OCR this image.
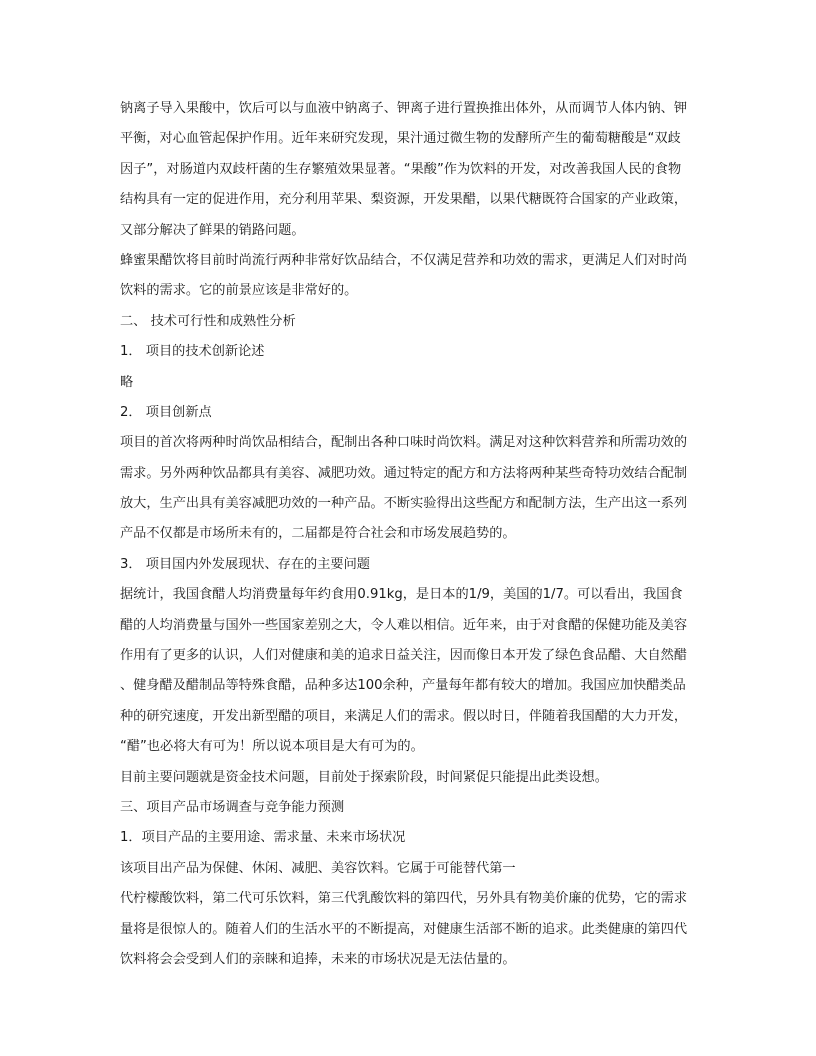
钠离子导入果酸中，饮后可以与血液中钠离子、钾离子进行置换推出体外，从而调节人体内钠、钾
平衡，对心血管起保护作用。近年来研究发现，果汁通过微生物的发酵所产生的葡萄糖酸是“双歧
因子”，对肠道内双歧杆菌的生存繁殖效果显著。“果酸”作为饮料的开发，对改善我国人民的食物
结构具有一定的促进作用，充分利用苹果、梨资源，开发果醋，以果代糖既符合国家的产业政策，
又部分解决了鲜果的销路问题。
蜂蜜果醋饮将目前时尚流行两种非常好饮品结合，不仅满足营养和功效的需求，更满足人们对时尚
饮料的需求。它的前景应该是非常好的。
二、 技术可行性和成熟性分析
1． 项目的技术创新论述
略
2． 项目创新点
项目的首次将两种时尚饮品相结合，配制出各种口味时尚饮料。满足对这种饮料营养和所需功效的
需求。另外两种饮品都具有美容、减肥功效。通过特定的配方和方法将两种某些奇特功效结合配制
放大，生产出具有美容减肥功效的一种产品。不断实验得出这些配方和配制方法，生产出这一系列
产品不仅都是市场所未有的，二届都是符合社会和市场发展趋势的。
3． 项目国内外发展现状、存在的主要问题
据统计，我国食醋人均消费量每年约食用0.91kg，是日本的1/9，美国的1/7。可以看出，我国食
醋的人均消费量与国外一些国家差别之大，令人难以相信。近年来，由于对食醋的保健功能及美容
作用有了更多的认识，人们对健康和美的追求日益关注，因而像日本开发了绿色食品醋、大自然醋
、健身醋及醋制品等特殊食醋，品种多达100余种，产量每年都有较大的增加。我国应加快醋类品
种的研究速度，开发出新型醋的项目，来满足人们的需求。假以时日，伴随着我国醋的大力开发，
“醋”也必将大有可为！所以说本项目是大有可为的。
目前主要问题就是资金技术问题，目前处于探索阶段，时间紧促只能提出此类设想。
三、项目产品市场调查与竞争能力预测
1．项目产品的主要用途、需求量、未来市场状况
该项目出产品为保健、休闲、减肥、美容饮料。它属于可能替代第一
代柠檬酸饮料，第二代可乐饮料，第三代乳酸饮料的第四代，另外具有物美价廉的优势，它的需求
量将是很惊人的。随着人们的生活水平的不断提高，对健康生活部不断的追求。此类健康的第四代
饮料将会会受到人们的亲睐和追捧，未来的市场状况是无法估量的。
